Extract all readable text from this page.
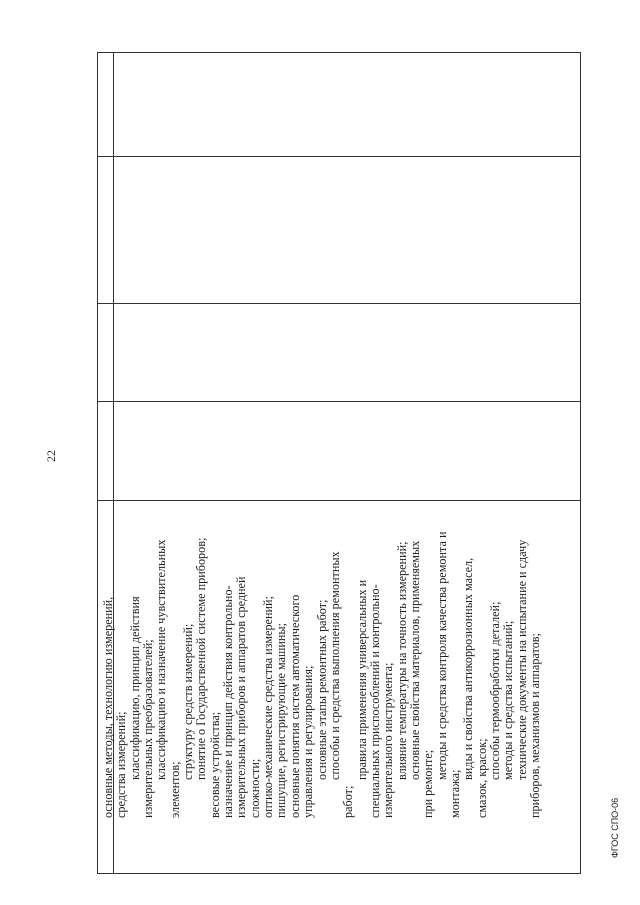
22
основные методы, технологию измерений, средства измерений; классификацию, принцип действия измерительных преобразователей; классификацию и назначение чувствительных
элементов;
структуру средств измерений; понятие о Государственной системе приборов; весовые устройства; назначение и принцип действия контрольно- измерительных приборов и аппаратов средней сложности; оптико-механические средства измерений; пишущие, регистрирующие машины; основные понятия систем автоматического управления и регулирования; основные этапы ремонтных работ; способы и средства выполнения ремонтных
работ;
правила применения универсальных и специальных приспособлений и контрольно- измерительного инструмента; влияние температуры на точность измерений; основные свойства материалов, применяемых
при ремонте;
методы и средства контроля качества ремонта и
монтажа;
виды и свойства антикоррозионных масел, смазок, красок; способы термообработки деталей; методы и средства испытаний; технические документы на испытание и сдачу приборов, механизмов и аппаратов;
ФГОС СПО-06
